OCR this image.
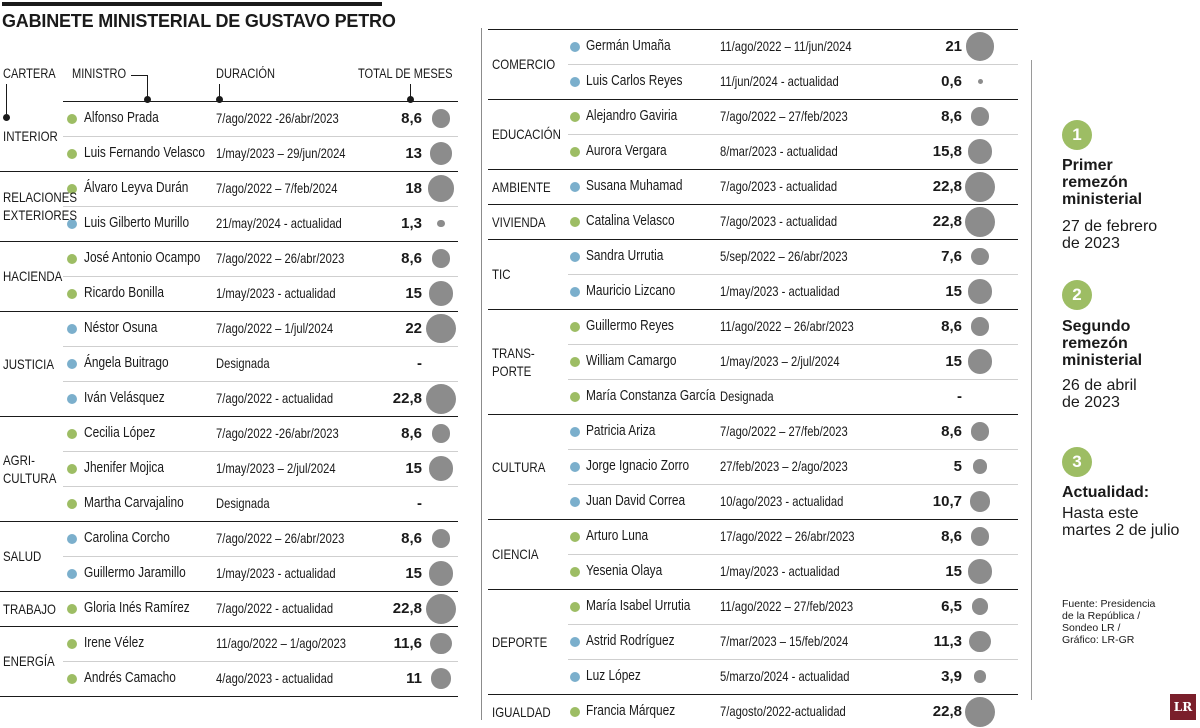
GABINETE MINISTERIAL DE GUSTAVO PETRO
CARTERA MINISTRO	DURACIÓN	TOTAL DE MESES
1
Primer
remezón
ministerial
27 de febrero
de 2023
2
Segundo
remezón
ministerial
26 de abril
de 2023
3
Actualidad:
Hasta este
martes 2 de julio
Fuente: Presidencia
de la República /
Sondeo LR /
Gráfico: LR-GR
LR
Alfonso Prada	7/ago/2022 -26/abr/2023	8,6
Luis Fernando Velasco 1/may/2023 – 29/jun/2024	13
INTERIOR
Álvaro Leyva Durán 7/ago/2022 – 7/feb/2024	18
Luis Gilberto Murillo 21/may/2024 - actualidad	1,3
RELACIONES
EXTERIORES
José Antonio Ocampo 7/ago/2022 – 26/abr/2023	8,6
Ricardo Bonilla	1/may/2023 - actualidad	15
HACIENDA
Néstor Osuna	7/ago/2022 – 1/jul/2024	22
Ángela Buitrago	Designada	-
Iván Velásquez	7/ago/2022 - actualidad	22,8
JUSTICIA
Cecilia López	7/ago/2022 -26/abr/2023	8,6
Jhenifer Mojica	1/may/2023 – 2/jul/2024	15
Martha Carvajalino Designada	-
AGRI-
CULTURA
Carolina Corcho	7/ago/2022 – 26/abr/2023	8,6
Guillermo Jaramillo 1/may/2023 - actualidad	15
SALUD
Gloria Inés Ramírez 7/ago/2022 - actualidad	22,8
TRABAJO
Irene Vélez	11/ago/2022 – 1/ago/2023	11,6
Andrés Camacho	4/ago/2023 - actualidad	11
ENERGÍA
Germán Umaña	11/ago/2022 – 11/jun/2024	21
Luis Carlos Reyes	11/jun/2024 - actualidad	0,6
COMERCIO
Alejandro Gaviria	7/ago/2022 – 27/feb/2023	8,6
Aurora Vergara	8/mar/2023 - actualidad	15,8
EDUCACIÓN
Susana Muhamad	7/ago/2023 - actualidad	22,8
AMBIENTE
Catalina Velasco	7/ago/2023 - actualidad	22,8
VIVIENDA
Sandra Urrutia	5/sep/2022 – 26/abr/2023	7,6
Mauricio Lizcano	1/may/2023 - actualidad	15
TIC
Guillermo Reyes	11/ago/2022 – 26/abr/2023	8,6
William Camargo	1/may/2023 – 2/jul/2024	15
María Constanza García Designada	-
TRANS-
PORTE
Patricia Ariza	7/ago/2022 – 27/feb/2023	8,6
Jorge Ignacio Zorro 27/feb/2023 – 2/ago/2023	5
Juan David Correa 10/ago/2023 - actualidad	10,7
CULTURA
Arturo Luna	17/ago/2022 – 26/abr/2023	8,6
Yesenia Olaya	1/may/2023 - actualidad	15
CIENCIA
María Isabel Urrutia 11/ago/2022 – 27/feb/2023	6,5
Astrid Rodríguez	7/mar/2023 – 15/feb/2024	11,3
Luz López	5/marzo/2024 - actualidad	3,9
DEPORTE
Francia Márquez	7/agosto/2022-actualidad	22,8
IGUALDAD
